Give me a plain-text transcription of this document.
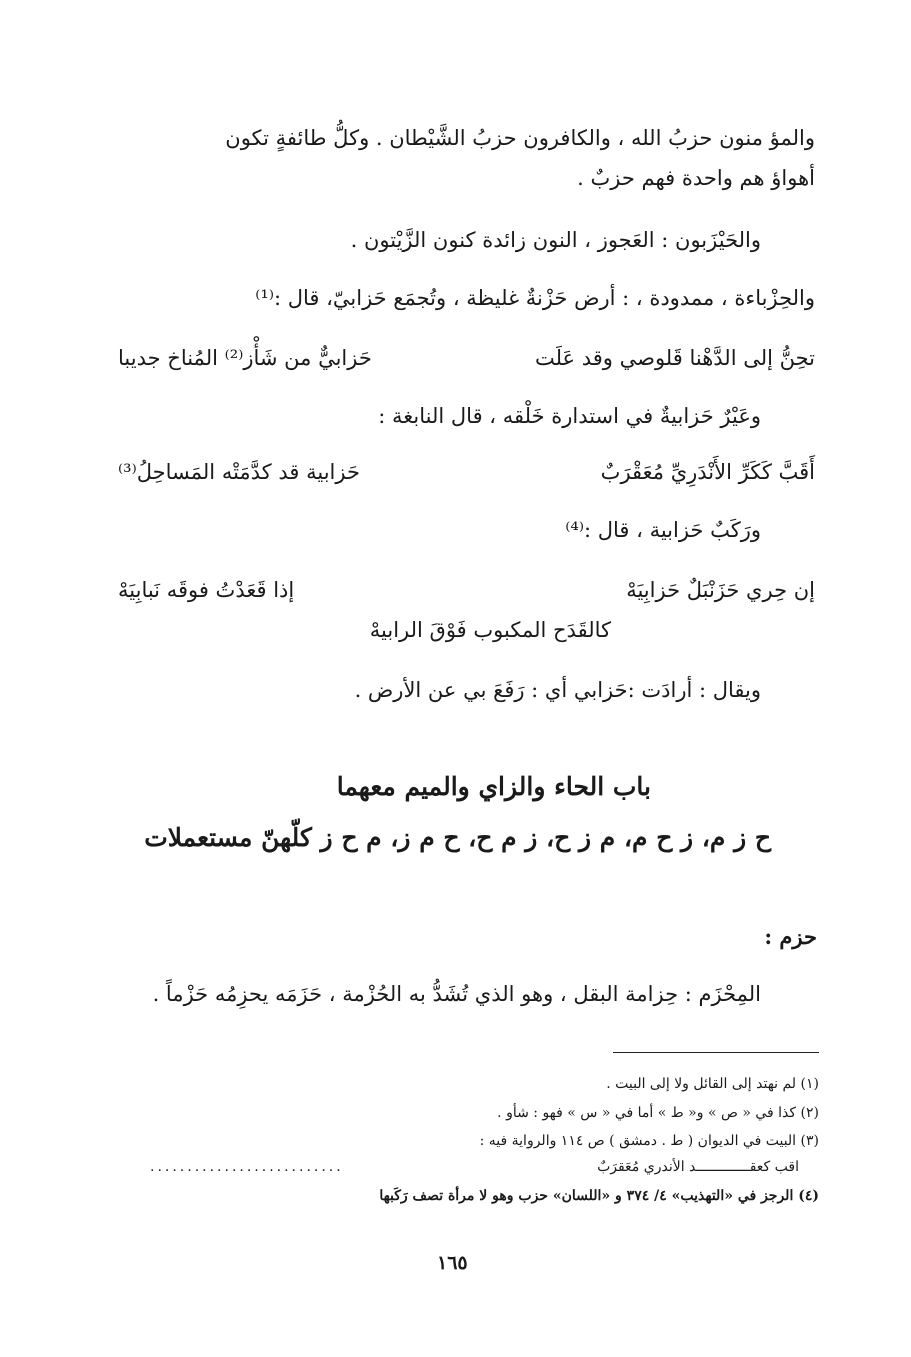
والمؤ منون حزبُ الله ، والكافرون حزبُ الشَّيْطان . وكلُّ طائفةٍ تكون
أهواؤ هم واحدة فهم حزبٌ .
والحَيْزَبون : العَجوز ، النون زائدة كنون الزَّيْتون .
والحِزْباءة ، ممدودة ، : أرض حَزْنةٌ غليظة ، وتُجمَع حَزابيّ، قال :⁽¹⁾
تحِنُّ إلى الدَّهْنا قَلوصي وقد عَلَت
حَزابيٌّ من شَأْز⁽²⁾ المُناخ جديبا
وعَيْرٌ حَزابيةٌ في استدارة خَلْقه ، قال النابغة :
أَقَبَّ كَكَرِّ الأَنْدَرِيِّ مُعَقْرَبٌ
حَزابية قد كدَّمَتْه المَساحِلُ⁽³⁾
ورَكَبٌ حَزابية ، قال :⁽⁴⁾
إن حِري حَزَنْبَلٌ حَزابِيَهْ
إذا قَعَدْتُ فوقَه نَبابِيَهْ
كالقَدَح المكبوب فَوْقَ الرابيهْ
ويقال : أرادَت :حَزابي أي : رَفَعَ بي عن الأرض .
باب الحاء والزاي والميم معهما
ح ز م، ز ح م، م ز ح، ز م ح، ح م ز، م ح ز كلّهنّ مستعملات
حزم :
المِحْزَم : حِزامة البقل ، وهو الذي تُشَدُّ به الحُزْمة ، حَزَمَه يحزِمُه حَزْماً .
(١) لم نهتد إلى القائل ولا إلى البيت .
(٢) كذا في « ص » و« ط » أما في « س » فهو : شأو .
(٣) البيت في الديوان ( ط . دمشق ) ص ١١٤ والرواية فيه :
اقب كعقـــــــــــــد الأندري مُعَقرَبٌ
..........................
(٤) الرجز في «التهذيب» ٤/ ٣٧٤ و «اللسان» حزب وهو لا مرأة تصف رَكَبها
١٦٥
